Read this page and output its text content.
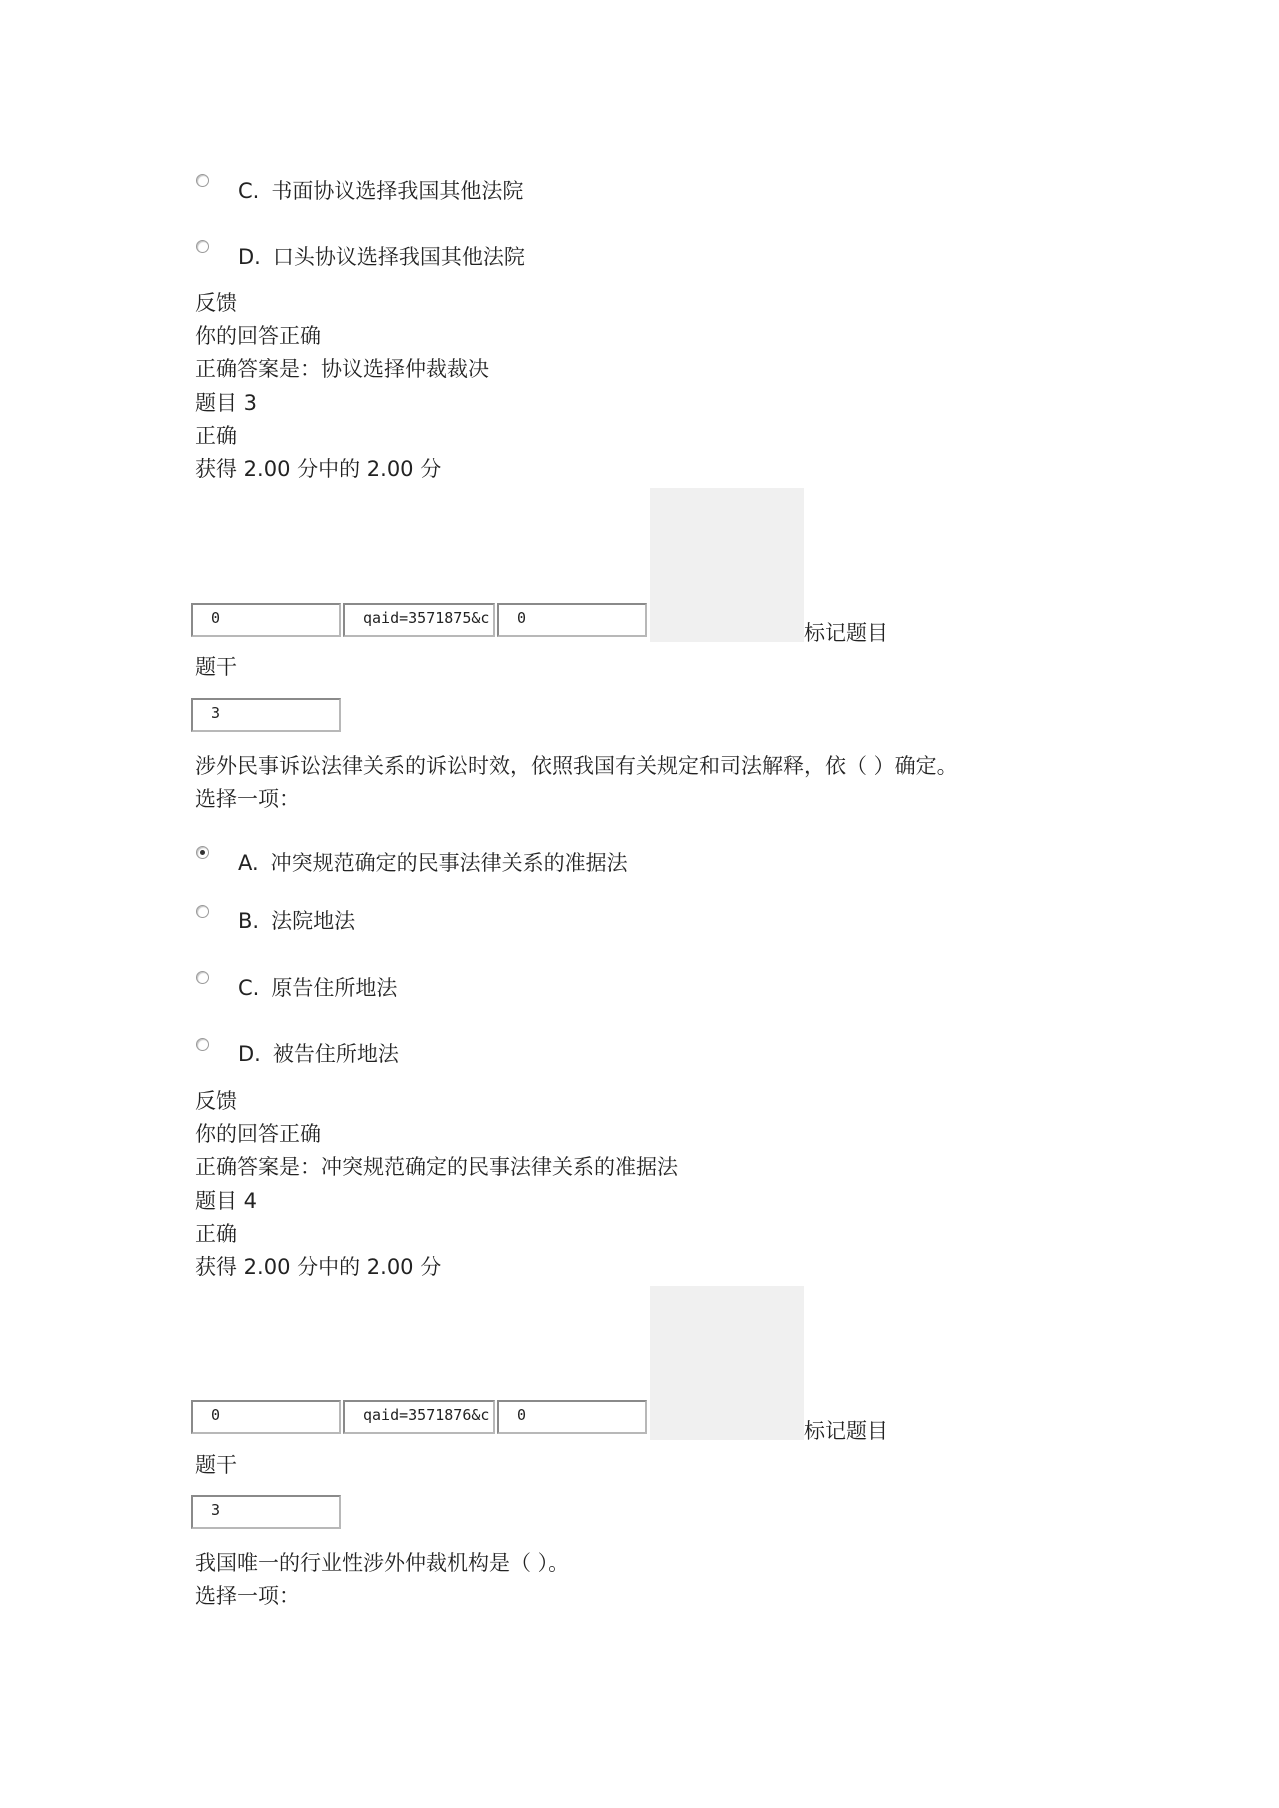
C. 书面协议选择我国其他法院
D. 口头协议选择我国其他法院
反馈
你的回答正确
正确答案是：协议选择仲裁裁决
题目 3
正确
获得 2.00 分中的 2.00 分
0	qaid=3571875&c	0
标记题目
题干
3
涉外民事诉讼法律关系的诉讼时效，依照我国有关规定和司法解释，依（ ）确定。
选择一项：
A. 冲突规范确定的民事法律关系的准据法
B. 法院地法
C. 原告住所地法
D. 被告住所地法
反馈
你的回答正确
正确答案是：冲突规范确定的民事法律关系的准据法
题目 4
正确
获得 2.00 分中的 2.00 分
0	qaid=3571876&c	0
标记题目
题干
3
我国唯一的行业性涉外仲裁机构是（ ）。
选择一项：
